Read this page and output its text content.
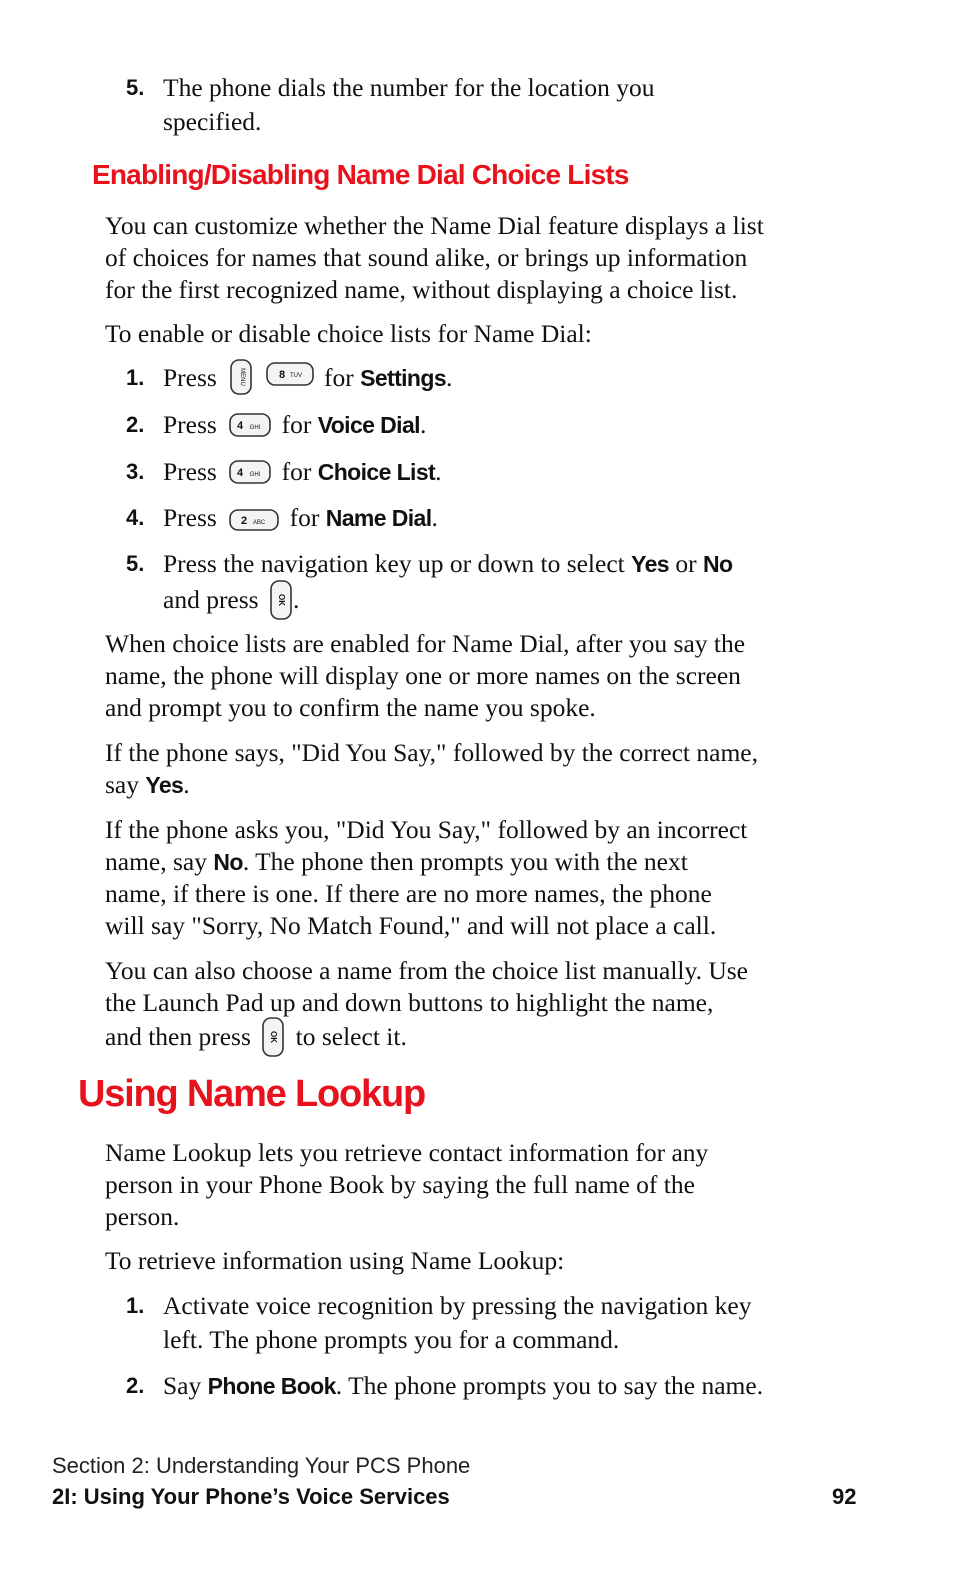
5. The phone dials the number for the location you
specified.
Enabling/Disabling Name Dial Choice Lists
You can customize whether the Name Dial feature displays a list
of choices for names that sound alike, or brings up information
for the first recognized name, without displaying a choice list.
To enable or disable choice lists for Name Dial:
1. Press	MENU
	8 TUV for Settings.
2. Press 4 GHI for Voice Dial.
3. Press 4 GHI for Choice List.
4. Press 2 ABC for Name Dial.
5. Press the navigation key up or down to select Yes or No
and press OK .
When choice lists are enabled for Name Dial, after you say the
name, the phone will display one or more names on the screen
and prompt you to confirm the name you spoke.
If the phone says, "Did You Say," followed by the correct name,
say Yes.
If the phone asks you, "Did You Say," followed by an incorrect
name, say No. The phone then prompts you with the next
name, if there is one. If there are no more names, the phone
will say "Sorry, No Match Found," and will not place a call.
You can also choose a name from the choice list manually. Use
the Launch Pad up and down buttons to highlight the name,
and then press OK to select it.
Using Name Lookup
Name Lookup lets you retrieve contact information for any
person in your Phone Book by saying the full name of the
person.
To retrieve information using Name Lookup:
1. Activate voice recognition by pressing the navigation key
left. The phone prompts you for a command.
2. Say Phone Book. The phone prompts you to say the name.
Section 2: Understanding Your PCS Phone
2I: Using Your Phone’s Voice Services	92
